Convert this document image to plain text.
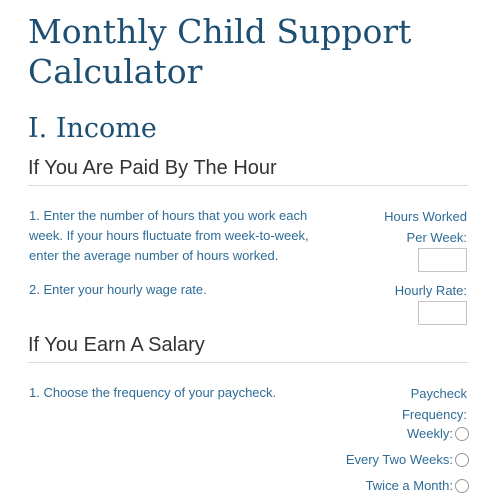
Monthly Child Support Calculator
I. Income
If You Are Paid By The Hour

1. Enter the number of hours that you work each week. If your hours fluctuate from week-to-week, enter the average number of hours worked.

Hours Worked
Per Week:

2. Enter your hourly wage rate.	Hourly Rate:
If You Earn A Salary

1. Choose the frequency of your paycheck.	Paycheck
Frequency:
Weekly:
Every Two Weeks:
Twice a Month:
